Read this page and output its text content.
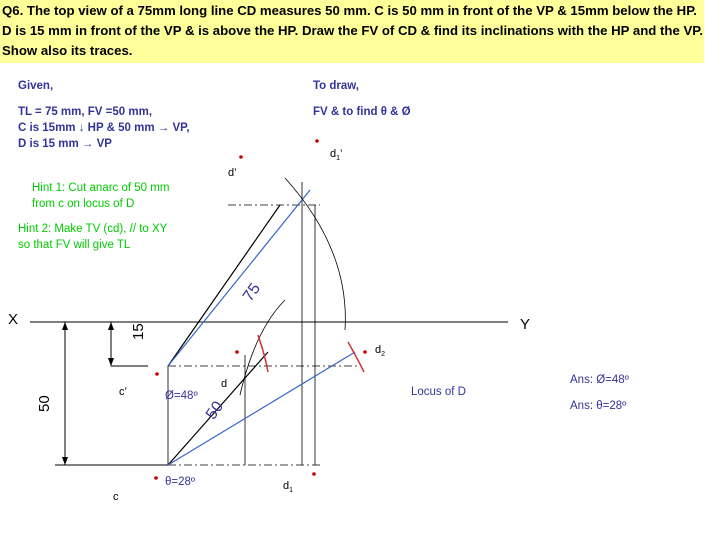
Q6. The top view of a 75mm long line CD measures 50 mm. C is 50 mm in front of the VP & 15mm below the HP. D is 15 mm in front of the VP & is above the HP. Draw the FV of CD & find its inclinations with the HP and the VP. Show also its traces.
Given,
TL = 75 mm, FV =50 mm,
C is 15mm ↓ HP & 50 mm → VP,
D is 15 mm → VP
To draw,
FV & to find θ & Ø
Hint 1: Cut anarc of 50 mm
from c on locus of D
Hint 2: Make TV (cd), // to XY
so that FV will give TL
X	Y
d’
$d_1$’
c’
c
d
$d_2$
$d_1$
15
50	50
75
Ø=48º
θ=28º
Locus of D
Ans: Ø=48º
Ans: θ=28º
